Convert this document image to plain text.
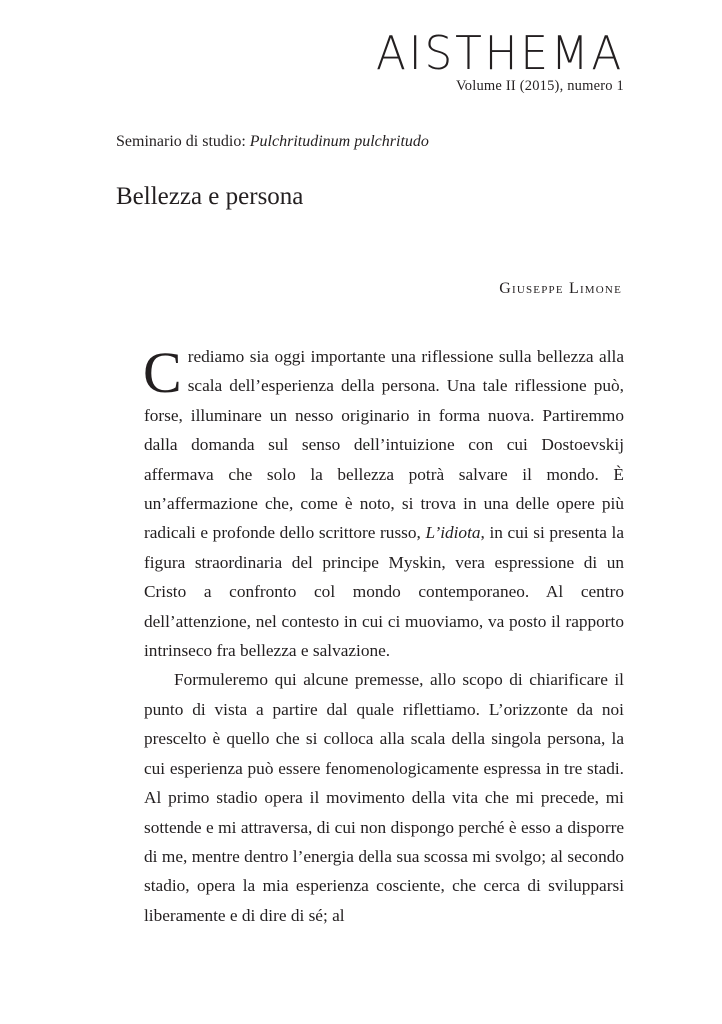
AISTHEMA
Volume II (2015), numero 1
Seminario di studio: Pulchritudinum pulchritudo
Bellezza e persona
Giuseppe Limone

Crediamo sia oggi importante una riflessione sulla bellezza alla scala dell’esperienza della persona. Una tale riflessione può, forse, illuminare un nesso originario in forma nuova. Partiremmo dalla domanda sul senso dell’intuizione con cui Dostoevskij affermava che solo la bellezza potrà salvare il mondo. È un’affermazione che, come è noto, si trova in una delle opere più radicali e profonde dello scrittore russo, L’idiota, in cui si presenta la figura straordinaria del principe Myskin, vera espressione di un Cristo a confronto col mondo contemporaneo. Al centro dell’attenzione, nel contesto in cui ci muoviamo, va posto il rapporto intrinseco fra bellezza e salvazione.

Formuleremo qui alcune premesse, allo scopo di chiarificare il punto di vista a partire dal quale riflettiamo. L’orizzonte da noi prescelto è quello che si colloca alla scala della singola persona, la cui esperienza può essere fenomenologicamente espressa in tre stadi. Al primo stadio opera il movimento della vita che mi precede, mi sottende e mi attraversa, di cui non dispongo perché è esso a disporre di me, mentre dentro l’energia della sua scossa mi svolgo; al secondo stadio, opera la mia esperienza cosciente, che cerca di svilupparsi liberamente e di dire di sé; al
